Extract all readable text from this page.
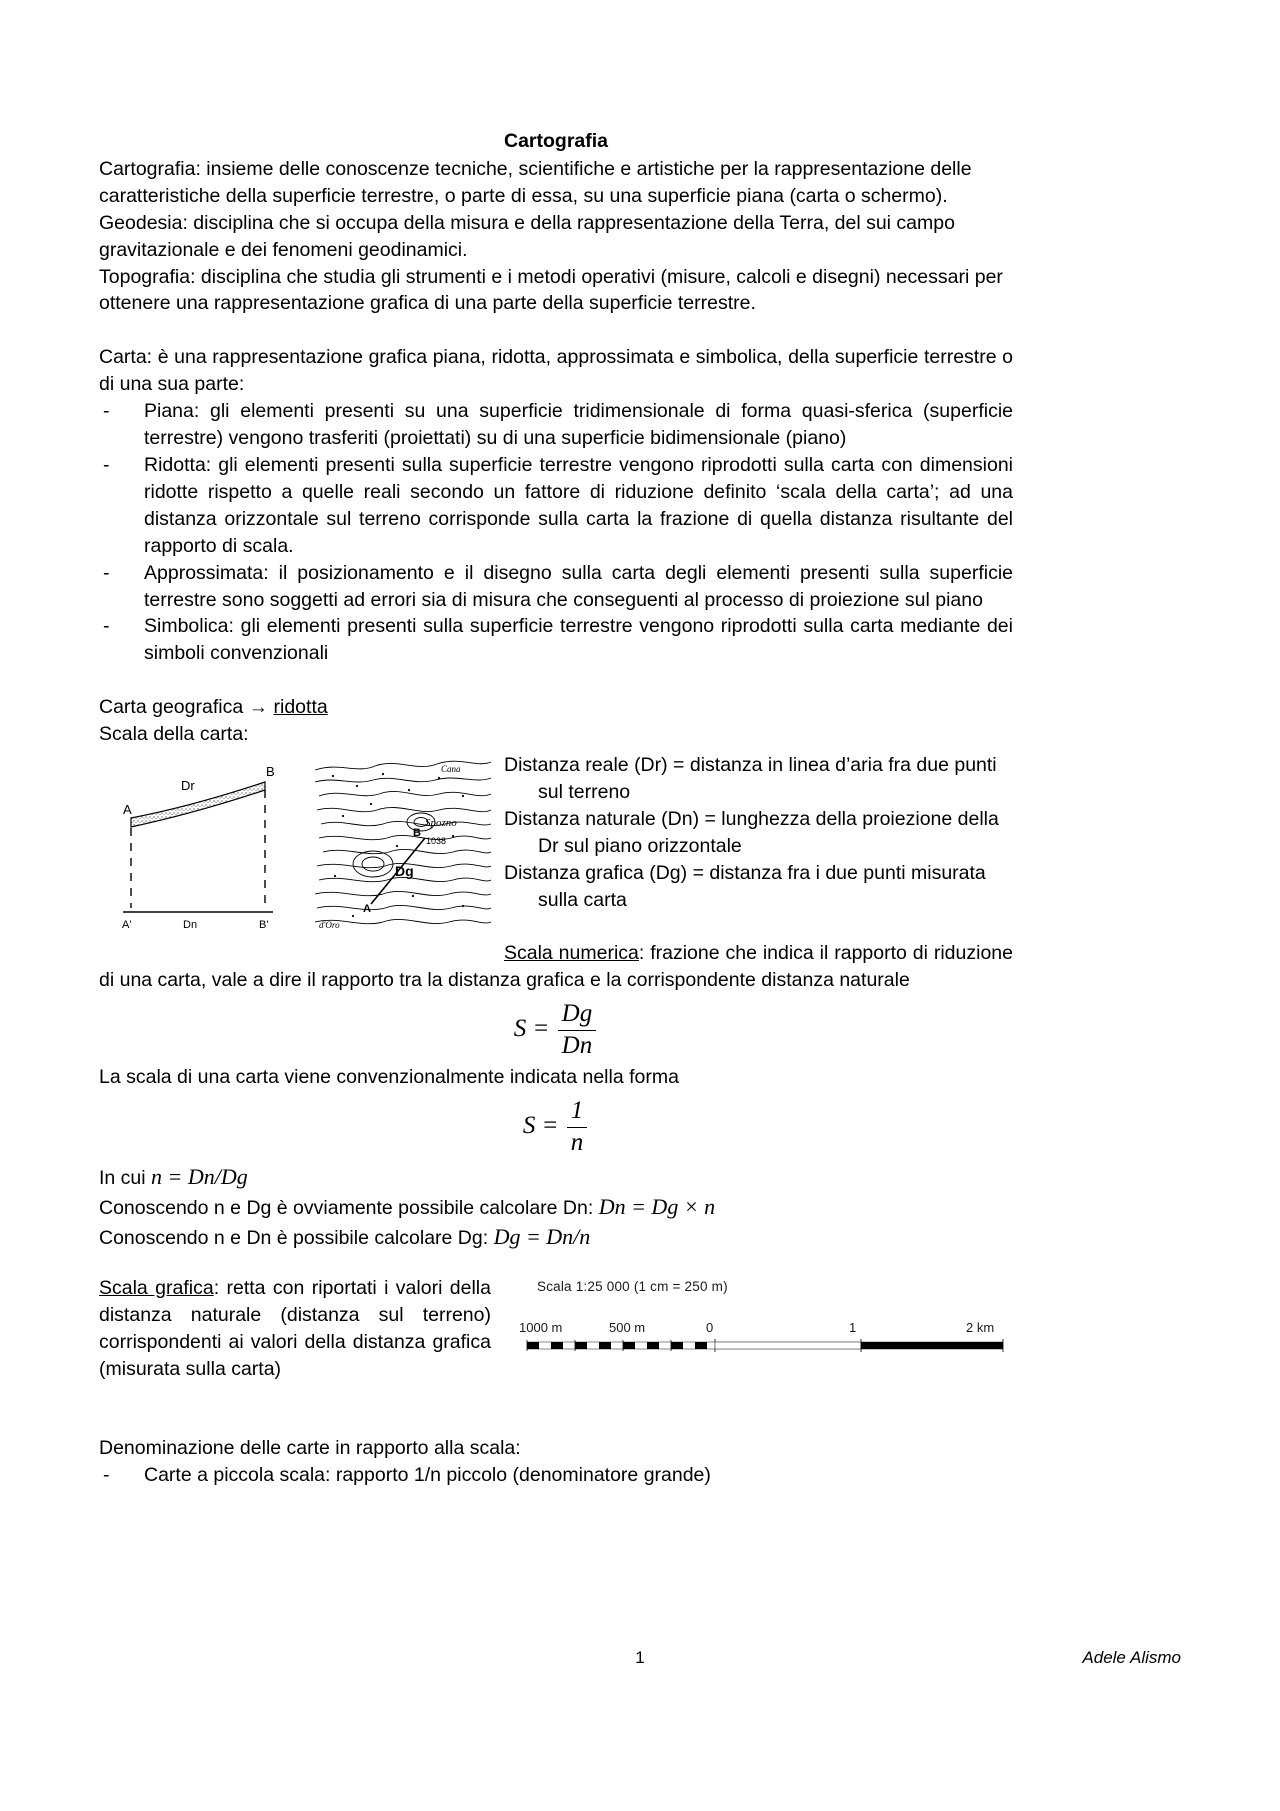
Cartografia

Cartografia: insieme delle conoscenze tecniche, scientifiche e artistiche per la rappresentazione delle caratteristiche della superficie terrestre, o parte di essa, su una superficie piana (carta o schermo).

Geodesia: disciplina che si occupa della misura e della rappresentazione della Terra, del sui campo gravitazionale e dei fenomeni geodinamici.

Topografia: disciplina che studia gli strumenti e i metodi operativi (misure, calcoli e disegni) necessari per ottenere una rappresentazione grafica di una parte della superficie terrestre.

Carta: è una rappresentazione grafica piana, ridotta, approssimata e simbolica, della superficie terrestre o di una sua parte:

- Piana: gli elementi presenti su una superficie tridimensionale di forma quasi-sferica (superficie terrestre) vengono trasferiti (proiettati) su di una superficie bidimensionale (piano)
- Ridotta: gli elementi presenti sulla superficie terrestre vengono riprodotti sulla carta con dimensioni ridotte rispetto a quelle reali secondo un fattore di riduzione definito ‘scala della carta’; ad una distanza orizzontale sul terreno corrisponde sulla carta la frazione di quella distanza risultante del rapporto di scala.
- Approssimata: il posizionamento e il disegno sulla carta degli elementi presenti sulla superficie terrestre sono soggetti ad errori sia di misura che conseguenti al processo di proiezione sul piano
- Simbolica: gli elementi presenti sulla superficie terrestre vengono riprodotti sulla carta mediante dei simboli convenzionali

Carta geografica → ridotta

Scala della carta:

A
B
Dr
A'	B'
Dn
A
B
Dg
Spozno
1038
Cana
d'Oro
Distanza reale (Dr) = distanza in linea d’aria fra due punti
sul terreno
Distanza naturale (Dn) = lunghezza della proiezione della
Dr sul piano orizzontale
Distanza grafica (Dg) = distanza fra i due punti misurata
sulla carta

Scala numerica: frazione che indica il rapporto di riduzione di una carta, vale a dire il rapporto tra la distanza grafica e la corrispondente distanza naturale

$S = \frac{Dg}{Dn}$

La scala di una carta viene convenzionalmente indicata nella forma

$S = \frac{1}{n}$

In cui n = Dn/Dg

Conoscendo n e Dg è ovviamente possibile calcolare Dn: Dn = Dg × n

Conoscendo n e Dn è possibile calcolare Dg: Dg = Dn/n

Scala grafica: retta con riportati i valori della distanza naturale (distanza sul terreno) corrispondenti ai valori della distanza grafica (misurata sulla carta)
Scala 1:25 000 (1 cm = 250 m)
1000 m	500 m	0	1	2 km

Denominazione delle carte in rapporto alla scala:

- Carte a piccola scala: rapporto 1/n piccolo (denominatore grande)
1	Adele Alismo
